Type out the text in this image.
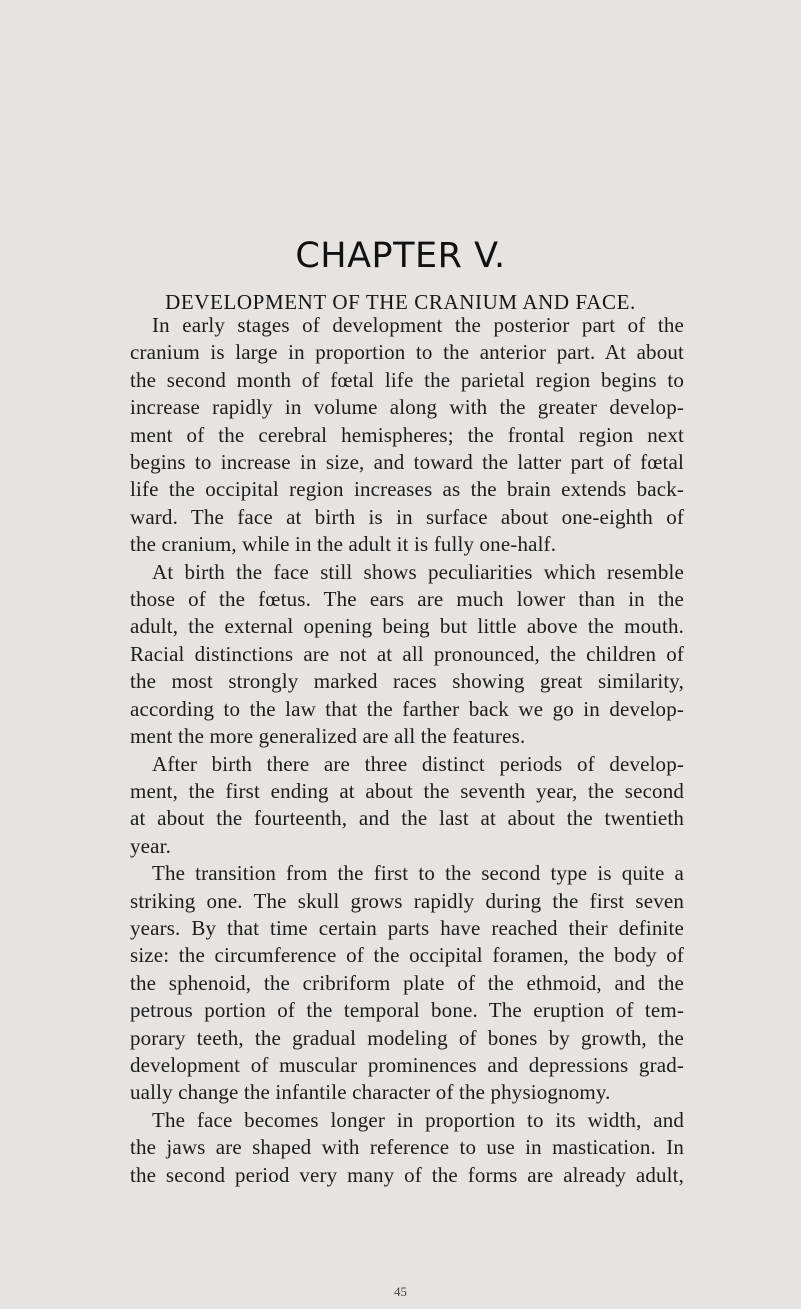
CHAPTER V.
DEVELOPMENT OF THE CRANIUM AND FACE.
In early stages of development the posterior part of the
cranium is large in proportion to the anterior part. At about
the second month of fœtal life the parietal region begins to
increase rapidly in volume along with the greater develop-
ment of the cerebral hemispheres; the frontal region next
begins to increase in size, and toward the latter part of fœtal
life the occipital region increases as the brain extends back-
ward. The face at birth is in surface about one-eighth of
the cranium, while in the adult it is fully one-half.
At birth the face still shows peculiarities which resemble
those of the fœtus. The ears are much lower than in the
adult, the external opening being but little above the mouth.
Racial distinctions are not at all pronounced, the children of
the most strongly marked races showing great similarity,
according to the law that the farther back we go in develop-
ment the more generalized are all the features.
After birth there are three distinct periods of develop-
ment, the first ending at about the seventh year, the second
at about the fourteenth, and the last at about the twentieth
year.
The transition from the first to the second type is quite a
striking one. The skull grows rapidly during the first seven
years. By that time certain parts have reached their definite
size: the circumference of the occipital foramen, the body of
the sphenoid, the cribriform plate of the ethmoid, and the
petrous portion of the temporal bone. The eruption of tem-
porary teeth, the gradual modeling of bones by growth, the
development of muscular prominences and depressions grad-
ually change the infantile character of the physiognomy.
The face becomes longer in proportion to its width, and
the jaws are shaped with reference to use in mastication. In
the second period very many of the forms are already adult,
45
